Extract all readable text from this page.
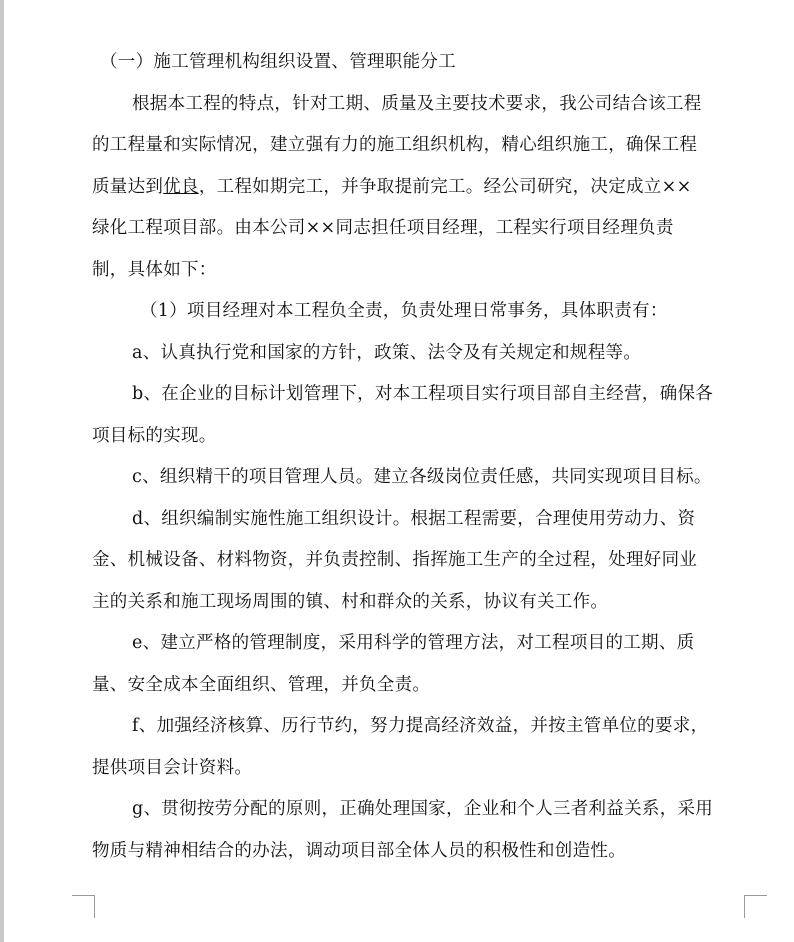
（一）施工管理机构组织设置、管理职能分工

根据本工程的特点，针对工期、质量及主要技术要求，我公司结合该工程

的工程量和实际情况，建立强有力的施工组织机构，精心组织施工，确保工程

质量达到优良，工程如期完工，并争取提前完工。经公司研究，决定成立××

绿化工程项目部。由本公司××同志担任项目经理，工程实行项目经理负责

制，具体如下：

（1）项目经理对本工程负全责，负责处理日常事务，具体职责有：

a、认真执行党和国家的方针，政策、法令及有关规定和规程等。

b、在企业的目标计划管理下，对本工程项目实行项目部自主经营，确保各

项目标的实现。

c、组织精干的项目管理人员。建立各级岗位责任感，共同实现项目目标。

d、组织编制实施性施工组织设计。根据工程需要，合理使用劳动力、资

金、机械设备、材料物资，并负责控制、指挥施工生产的全过程，处理好同业

主的关系和施工现场周围的镇、村和群众的关系，协议有关工作。

e、建立严格的管理制度，采用科学的管理方法，对工程项目的工期、质

量、安全成本全面组织、管理，并负全责。

f、加强经济核算、历行节约，努力提高经济效益，并按主管单位的要求，

提供项目会计资料。

g、贯彻按劳分配的原则，正确处理国家，企业和个人三者利益关系，采用

物质与精神相结合的办法，调动项目部全体人员的积极性和创造性。
